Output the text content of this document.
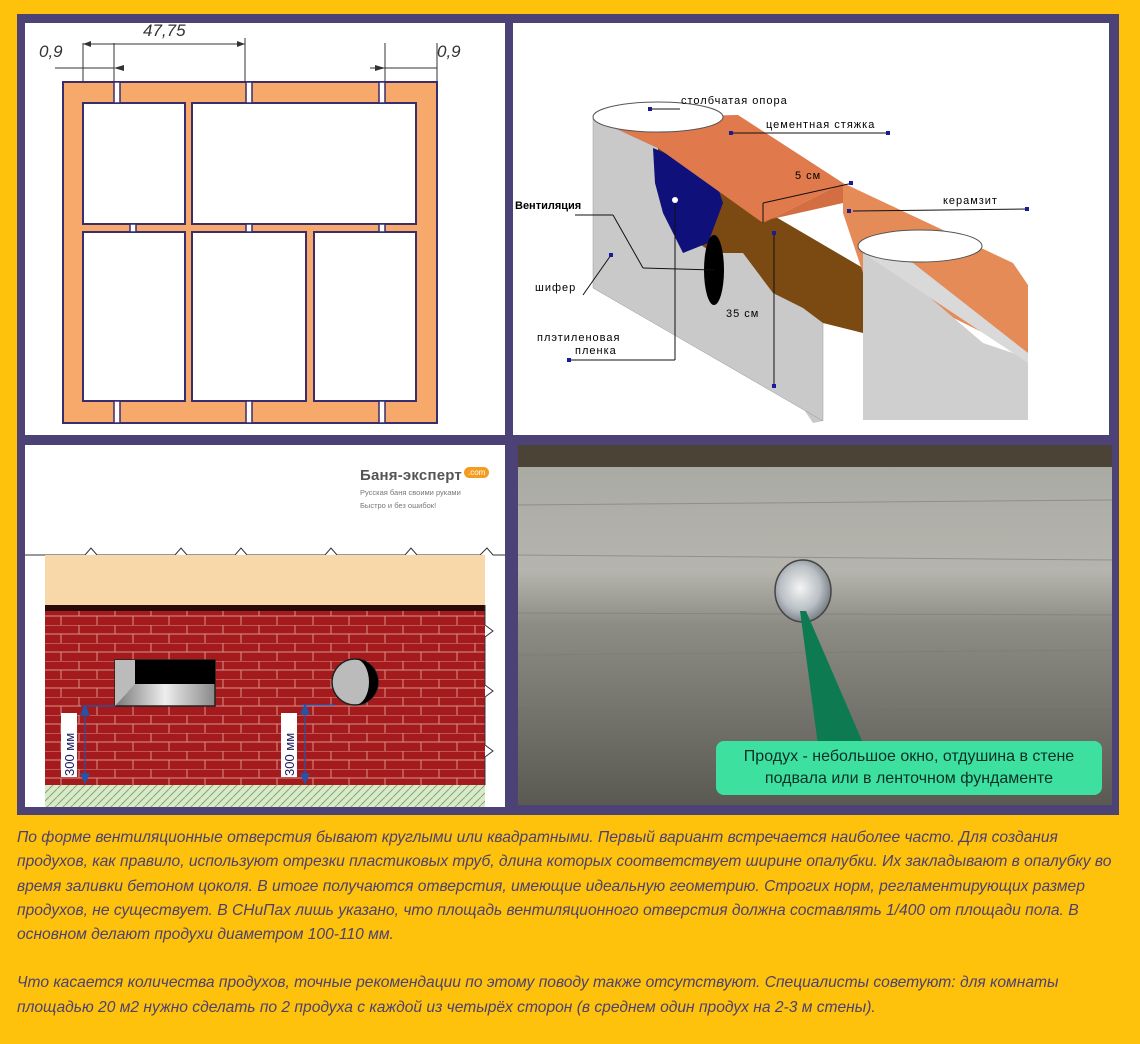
0,9
47,75
0,9
столбчатая опора
цементная стяжка
5 см
керамзит
Вентиляция
шифер
35 см
плэтиленовая
пленка
Баня-эксперт .com
Русская баня своими руками
Быстро и без ошибок!
300 мм	300 мм	Продух - небольшое окно, отдушина в стене подвала или в ленточном фундаменте

По форме вентиляционные отверстия бывают круглыми или квадратными. Первый вариант встречается наиболее часто. Для создания продухов, как правило, используют отрезки пластиковых труб, длина которых соответствует ширине опалубки. Их закладывают в опалубку во время заливки бетоном цоколя. В итоге получаются отверстия, имеющие идеальную геометрию. Строгих норм, регламентирующих размер продухов, не существует. В СНиПах лишь указано, что площадь вентиляционного отверстия должна составлять 1/400 от площади пола. В основном делают продухи диаметром 100-110 мм.

Что касается количества продухов, точные рекомендации по этому поводу также отсутствуют. Специалисты советуют: для комнаты площадью 20 м2 нужно сделать по 2 продуха с каждой из четырёх сторон (в среднем один продух на 2-3 м стены).
